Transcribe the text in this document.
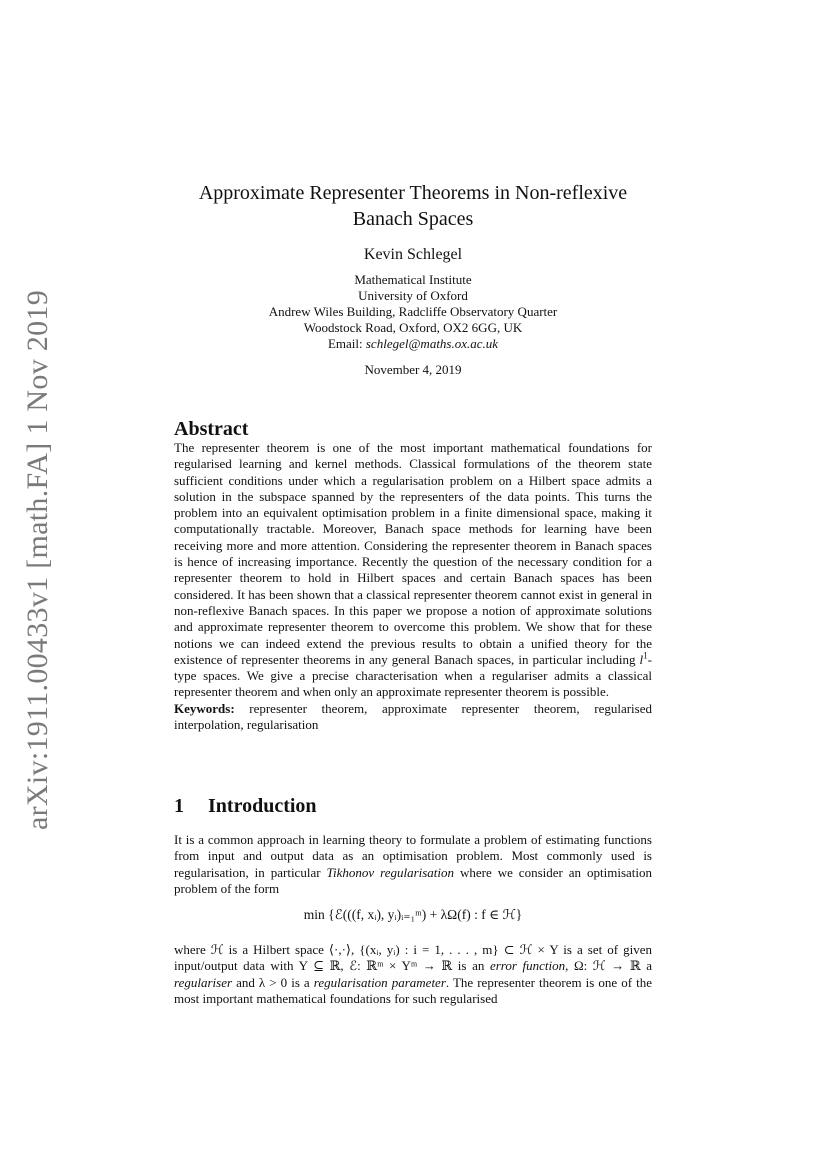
arXiv:1911.00433v1 [math.FA] 1 Nov 2019
Approximate Representer Theorems in Non-reflexive
Banach Spaces
Kevin Schlegel
Mathematical Institute
University of Oxford
Andrew Wiles Building, Radcliffe Observatory Quarter
Woodstock Road, Oxford, OX2 6GG, UK
Email: schlegel@maths.ox.ac.uk
November 4, 2019
Abstract
The representer theorem is one of the most important mathematical foundations for regularised learning and kernel methods. Classical formulations of the theorem state sufficient conditions under which a regularisation problem on a Hilbert space admits a solution in the subspace spanned by the representers of the data points. This turns the problem into an equivalent optimisation problem in a finite dimensional space, making it computationally tractable. Moreover, Banach space methods for learning have been receiving more and more attention. Considering the representer theorem in Banach spaces is hence of increasing importance. Recently the question of the necessary condition for a representer theorem to hold in Hilbert spaces and certain Banach spaces has been considered. It has been shown that a classical representer theorem cannot exist in general in non-reflexive Banach spaces. In this paper we propose a notion of approximate solutions and approximate representer theorem to overcome this problem. We show that for these notions we can indeed extend the previous results to obtain a unified theory for the existence of representer theorems in any general Banach spaces, in particular including $l^1$-type spaces. We give a precise characterisation when a regulariser admits a classical representer theorem and when only an approximate representer theorem is possible.
Keywords: representer theorem, approximate representer theorem, regularised interpolation, regularisation
1 Introduction
It is a common approach in learning theory to formulate a problem of estimating functions from input and output data as an optimisation problem. Most commonly used is regularisation, in particular Tikhonov regularisation where we consider an optimisation problem of the form
min {ℰ(((f, xᵢ), yᵢ)ᵢ₌₁ᵐ) + λΩ(f) : f ∈ ℋ}
where ℋ is a Hilbert space ⟨·,·⟩, {(xᵢ, yᵢ) : i = 1, . . . , m} ⊂ ℋ × Y is a set of given input/output data with Y ⊆ ℝ, ℰ: ℝᵐ × Yᵐ → ℝ is an error function, Ω: ℋ → ℝ a regulariser and λ > 0 is a regularisation parameter. The representer theorem is one of the most important mathematical foundations for such regularised
